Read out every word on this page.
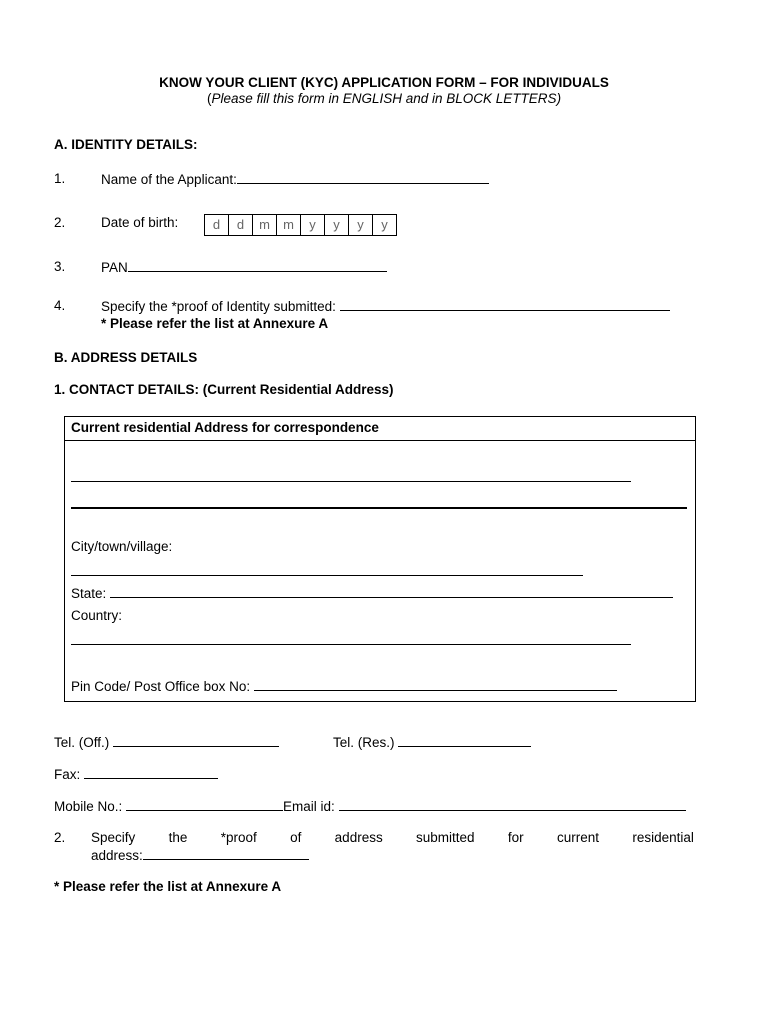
KNOW YOUR CLIENT (KYC) APPLICATION FORM – FOR INDIVIDUALS
(Please fill this form in ENGLISH and in BLOCK LETTERS)
A. IDENTITY DETAILS:
1.	Name of the Applicant:
2.	Date of birth:	d	d	m	m	y	y	y	y
3.	PAN
4.	Specify the *proof of Identity submitted:
* Please refer the list at Annexure A
B. ADDRESS DETAILS
1. CONTACT DETAILS: (Current Residential Address)
Current residential Address for correspondence
City/town/village:
State:
Country:
Pin Code/ Post Office box No:
Tel. (Off.)	Tel. (Res.)
Fax:
Mobile No.:	Email id:
2. Specify the *proof of address submitted for current residential
address:
* Please refer the list at Annexure A
